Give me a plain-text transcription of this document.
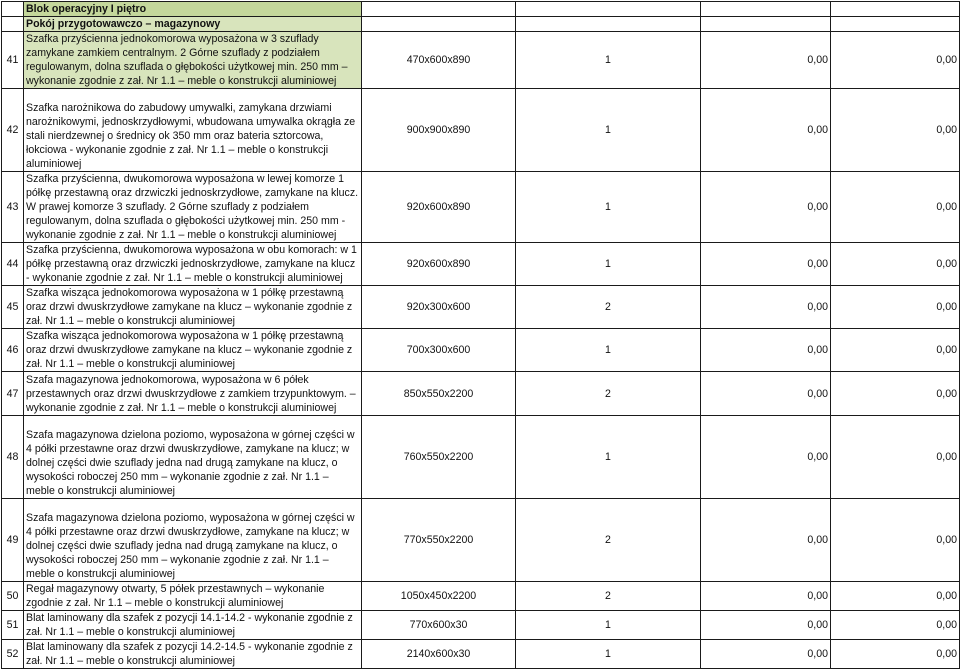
	Blok operacyjny I piętro				
	Pokój przygotowawczo – magazynowy				
41	Szafka przyścienna jednokomorowa wyposażona w 3 szuflady zamykane zamkiem centralnym. 2 Górne szuflady z podziałem regulowanym, dolna szuflada o głębokości użytkowej min. 250 mm – wykonanie zgodnie z zał. Nr 1.1 – meble o konstrukcji aluminiowej	470x600x890	1	0,00	0,00
42	Szafka narożnikowa do zabudowy umywalki, zamykana drzwiami narożnikowymi, jednoskrzydłowymi, wbudowana umywalka okrągła ze stali nierdzewnej o średnicy ok 350 mm oraz bateria sztorcowa, łokciowa - wykonanie zgodnie z zał. Nr 1.1 – meble o konstrukcji aluminiowej	900x900x890	1	0,00	0,00
43	Szafka przyścienna, dwukomorowa wyposażona w lewej komorze 1 półkę przestawną oraz drzwiczki jednoskrzydłowe, zamykane na klucz. W prawej komorze 3 szuflady. 2 Górne szuflady z podziałem regulowanym, dolna szuflada o głębokości użytkowej min. 250 mm - wykonanie zgodnie z zał. Nr 1.1 – meble o konstrukcji aluminiowej	920x600x890	1	0,00	0,00
44	Szafka przyścienna, dwukomorowa wyposażona w obu komorach: w 1 półkę przestawną oraz drzwiczki jednoskrzydłowe, zamykane na klucz - wykonanie zgodnie z zał. Nr 1.1 – meble o konstrukcji aluminiowej	920x600x890	1	0,00	0,00
45	Szafka wisząca jednokomorowa wyposażona w 1 półkę przestawną oraz drzwi dwuskrzydłowe zamykane na klucz – wykonanie zgodnie z zał. Nr 1.1 – meble o konstrukcji aluminiowej	920x300x600	2	0,00	0,00
46	Szafka wisząca jednokomorowa wyposażona w 1 półkę przestawną oraz drzwi dwuskrzydłowe zamykane na klucz – wykonanie zgodnie z zał. Nr 1.1 – meble o konstrukcji aluminiowej	700x300x600	1	0,00	0,00
47	Szafa magazynowa jednokomorowa, wyposażona w 6 półek przestawnych oraz drzwi dwuskrzydłowe z zamkiem trzypunktowym. – wykonanie zgodnie z zał. Nr 1.1 – meble o konstrukcji aluminiowej	850x550x2200	2	0,00	0,00
48	Szafa magazynowa dzielona poziomo, wyposażona w górnej części w 4 półki przestawne oraz drzwi dwuskrzydłowe, zamykane na klucz; w dolnej części dwie szuflady jedna nad drugą zamykane na klucz, o wysokości roboczej 250 mm – wykonanie zgodnie z zał. Nr 1.1 – meble o konstrukcji aluminiowej	760x550x2200	1	0,00	0,00
49	Szafa magazynowa dzielona poziomo, wyposażona w górnej części w 4 półki przestawne oraz drzwi dwuskrzydłowe, zamykane na klucz; w dolnej części dwie szuflady jedna nad drugą zamykane na klucz, o wysokości roboczej 250 mm – wykonanie zgodnie z zał. Nr 1.1 – meble o konstrukcji aluminiowej	770x550x2200	2	0,00	0,00
50	Regał magazynowy otwarty, 5 półek przestawnych – wykonanie zgodnie z zał. Nr 1.1 – meble o konstrukcji aluminiowej	1050x450x2200	2	0,00	0,00
51	Blat laminowany dla szafek z pozycji 14.1-14.2 - wykonanie zgodnie z zał. Nr 1.1 – meble o konstrukcji aluminiowej	770x600x30	1	0,00	0,00
52	Blat laminowany dla szafek z pozycji 14.2-14.5 - wykonanie zgodnie z zał. Nr 1.1 – meble o konstrukcji aluminiowej	2140x600x30	1	0,00	0,00
